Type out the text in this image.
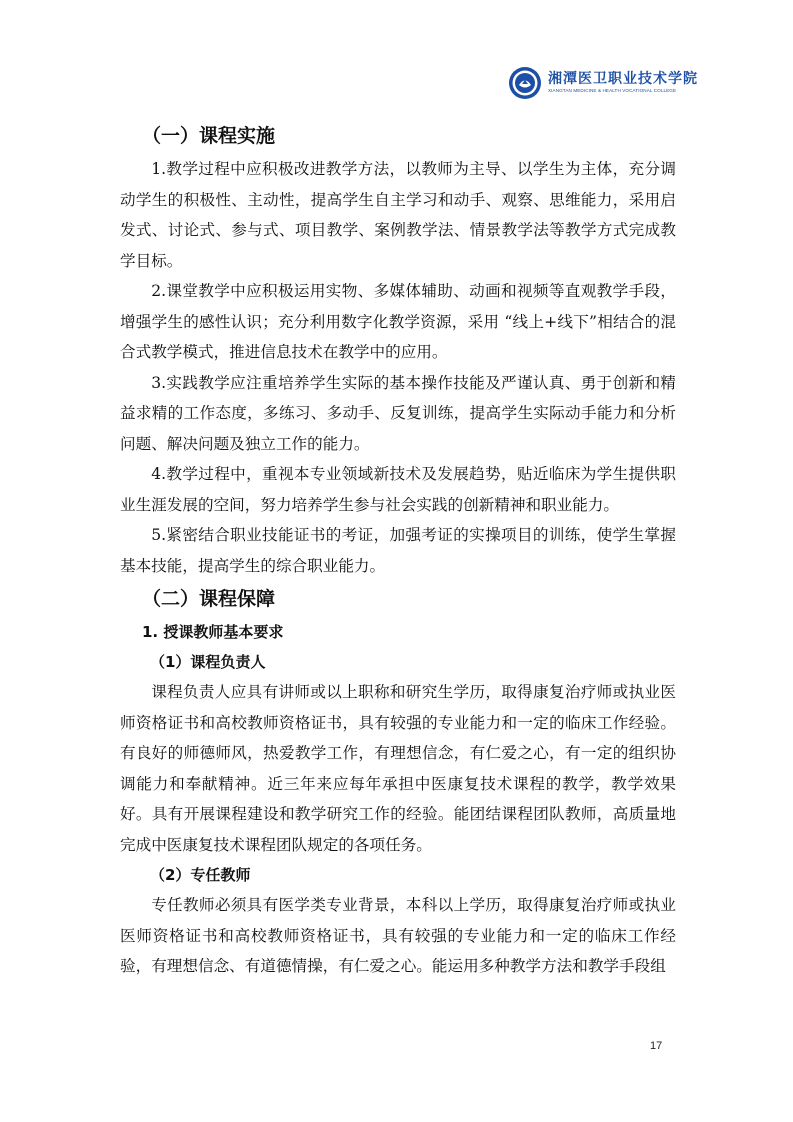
湘潭医卫职业技术学院
XIANGTAN MEDICINE & HEALTH VOCATIONAL COLLEGE
（一）课程实施

1.教学过程中应积极改进教学方法，以教师为主导、以学生为主体，充分调动学生的积极性、主动性，提高学生自主学习和动手、观察、思维能力，采用启发式、讨论式、参与式、项目教学、案例教学法、情景教学法等教学方式完成教学目标。

2.课堂教学中应积极运用实物、多媒体辅助、动画和视频等直观教学手段，增强学生的感性认识；充分利用数字化教学资源，采用 “线上+线下”相结合的混合式教学模式，推进信息技术在教学中的应用。

3.实践教学应注重培养学生实际的基本操作技能及严谨认真、勇于创新和精益求精的工作态度，多练习、多动手、反复训练，提高学生实际动手能力和分析问题、解决问题及独立工作的能力。

4.教学过程中，重视本专业领域新技术及发展趋势，贴近临床为学生提供职业生涯发展的空间，努力培养学生参与社会实践的创新精神和职业能力。

5.紧密结合职业技能证书的考证，加强考证的实操项目的训练，使学生掌握基本技能，提高学生的综合职业能力。

（二）课程保障
1. 授课教师基本要求
（1）课程负责人

课程负责人应具有讲师或以上职称和研究生学历，取得康复治疗师或执业医师资格证书和高校教师资格证书，具有较强的专业能力和一定的临床工作经验。有良好的师德师风，热爱教学工作，有理想信念，有仁爱之心，有一定的组织协调能力和奉献精神。近三年来应每年承担中医康复技术课程的教学，教学效果好。具有开展课程建设和教学研究工作的经验。能团结课程团队教师，高质量地完成中医康复技术课程团队规定的各项任务。

（2）专任教师

专任教师必须具有医学类专业背景，本科以上学历，取得康复治疗师或执业医师资格证书和高校教师资格证书，具有较强的专业能力和一定的临床工作经验，有理想信念、有道德情操，有仁爱之心。能运用多种教学方法和教学手段组

17
